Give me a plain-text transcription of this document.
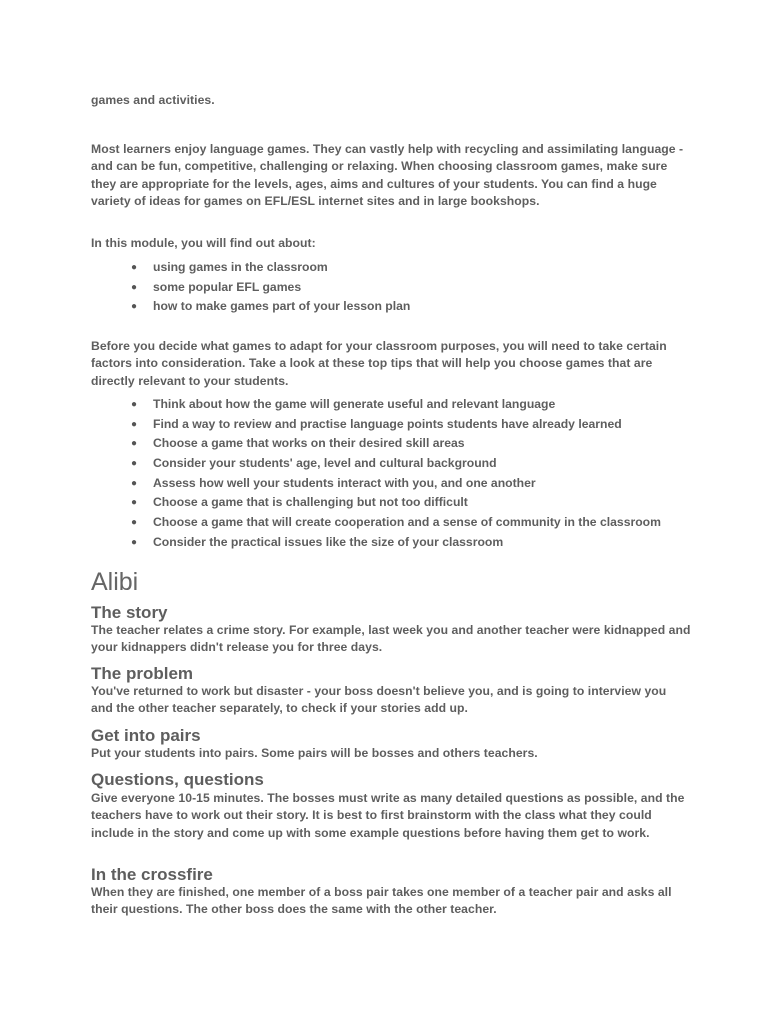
games and activities.

Most learners enjoy language games. They can vastly help with recycling and assimilating language - and can be fun, competitive, challenging or relaxing. When choosing classroom games, make sure they are appropriate for the levels, ages, aims and cultures of your students. You can find a huge variety of ideas for games on EFL/ESL internet sites and in large bookshops.

In this module, you will find out about:

● using games in the classroom
● some popular EFL games
● how to make games part of your lesson plan

Before you decide what games to adapt for your classroom purposes, you will need to take certain factors into consideration. Take a look at these top tips that will help you choose games that are directly relevant to your students.

● Think about how the game will generate useful and relevant language
● Find a way to review and practise language points students have already learned
● Choose a game that works on their desired skill areas
● Consider your students' age, level and cultural background
● Assess how well your students interact with you, and one another
● Choose a game that is challenging but not too difficult
● Choose a game that will create cooperation and a sense of community in the classroom
● Consider the practical issues like the size of your classroom
Alibi
The story

The teacher relates a crime story. For example, last week you and another teacher were kidnapped and your kidnappers didn't release you for three days.

The problem

You've returned to work but disaster - your boss doesn't believe you, and is going to interview you and the other teacher separately, to check if your stories add up.

Get into pairs

Put your students into pairs. Some pairs will be bosses and others teachers.

Questions, questions

Give everyone 10-15 minutes. The bosses must write as many detailed questions as possible, and the teachers have to work out their story. It is best to first brainstorm with the class what they could include in the story and come up with some example questions before having them get to work.

In the crossfire

When they are finished, one member of a boss pair takes one member of a teacher pair and asks all their questions. The other boss does the same with the other teacher.
